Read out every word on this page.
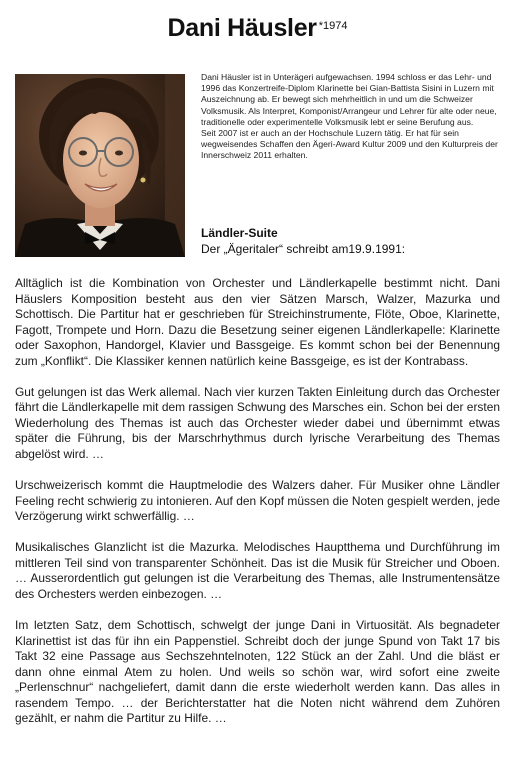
Dani Häusler $^{*1974}$

Dani Häusler ist in Unterägeri aufgewachsen. 1994 schloss er das Lehr- und 1996 das Konzertreife-Diplom Klarinette bei Gian-Battista Sisini in Luzern mit Auszeichnung ab. Er bewegt sich mehrheitlich in und um die Schweizer Volksmusik. Als Interpret, Komponist/Arrangeur und Lehrer für alte oder neue, traditionelle oder experimentelle Volksmusik lebt er seine Berufung aus.

Seit 2007 ist er auch an der Hochschule Luzern tätig. Er hat für sein wegweisendes Schaffen den Ägeri-Award Kultur 2009 und den Kulturpreis der Innerschweiz 2011 erhalten.

Ländler-Suite
Der „Ägeritaler“ schreibt am19.9.1991:

Alltäglich ist die Kombination von Orchester und Ländlerkapelle bestimmt nicht. Dani Häuslers Komposition besteht aus den vier Sätzen Marsch, Walzer, Mazurka und Schottisch. Die Partitur hat er geschrieben für Streichinstrumente, Flöte, Oboe, Klarinette, Fagott, Trompete und Horn. Dazu die Besetzung seiner eigenen Ländlerkapelle: Klarinette oder Saxophon, Handorgel, Klavier und Bassgeige. Es kommt schon bei der Benennung zum „Konflikt“. Die Klassiker kennen natürlich keine Bassgeige, es ist der Kontrabass.

Gut gelungen ist das Werk allemal. Nach vier kurzen Takten Einleitung durch das Orchester fährt die Ländlerkapelle mit dem rassigen Schwung des Marsches ein. Schon bei der ersten Wiederholung des Themas ist auch das Orchester wieder dabei und übernimmt etwas später die Führung, bis der Marschrhythmus durch lyrische Verarbeitung des Themas abgelöst wird. …

Urschweizerisch kommt die Hauptmelodie des Walzers daher. Für Musiker ohne Ländler Feeling recht schwierig zu intonieren. Auf den Kopf müssen die Noten gespielt werden, jede Verzögerung wirkt schwerfällig. …

Musikalisches Glanzlicht ist die Mazurka. Melodisches Hauptthema und Durchführung im mittleren Teil sind von transparenter Schönheit. Das ist die Musik für Streicher und Oboen. … Ausserordentlich gut gelungen ist die Verarbeitung des Themas, alle Instrumentensätze des Orchesters werden einbezogen. …

Im letzten Satz, dem Schottisch, schwelgt der junge Dani in Virtuosität. Als begnadeter Klarinettist ist das für ihn ein Pappenstiel. Schreibt doch der junge Spund von Takt 17 bis Takt 32 eine Passage aus Sechszehntelnoten, 122 Stück an der Zahl. Und die bläst er dann ohne einmal Atem zu holen. Und weils so schön war, wird sofort eine zweite „Perlenschnur“ nachgeliefert, damit dann die erste wiederholt werden kann. Das alles in rasendem Tempo. … der Berichterstatter hat die Noten nicht während dem Zuhören gezählt, er nahm die Partitur zu Hilfe. …
